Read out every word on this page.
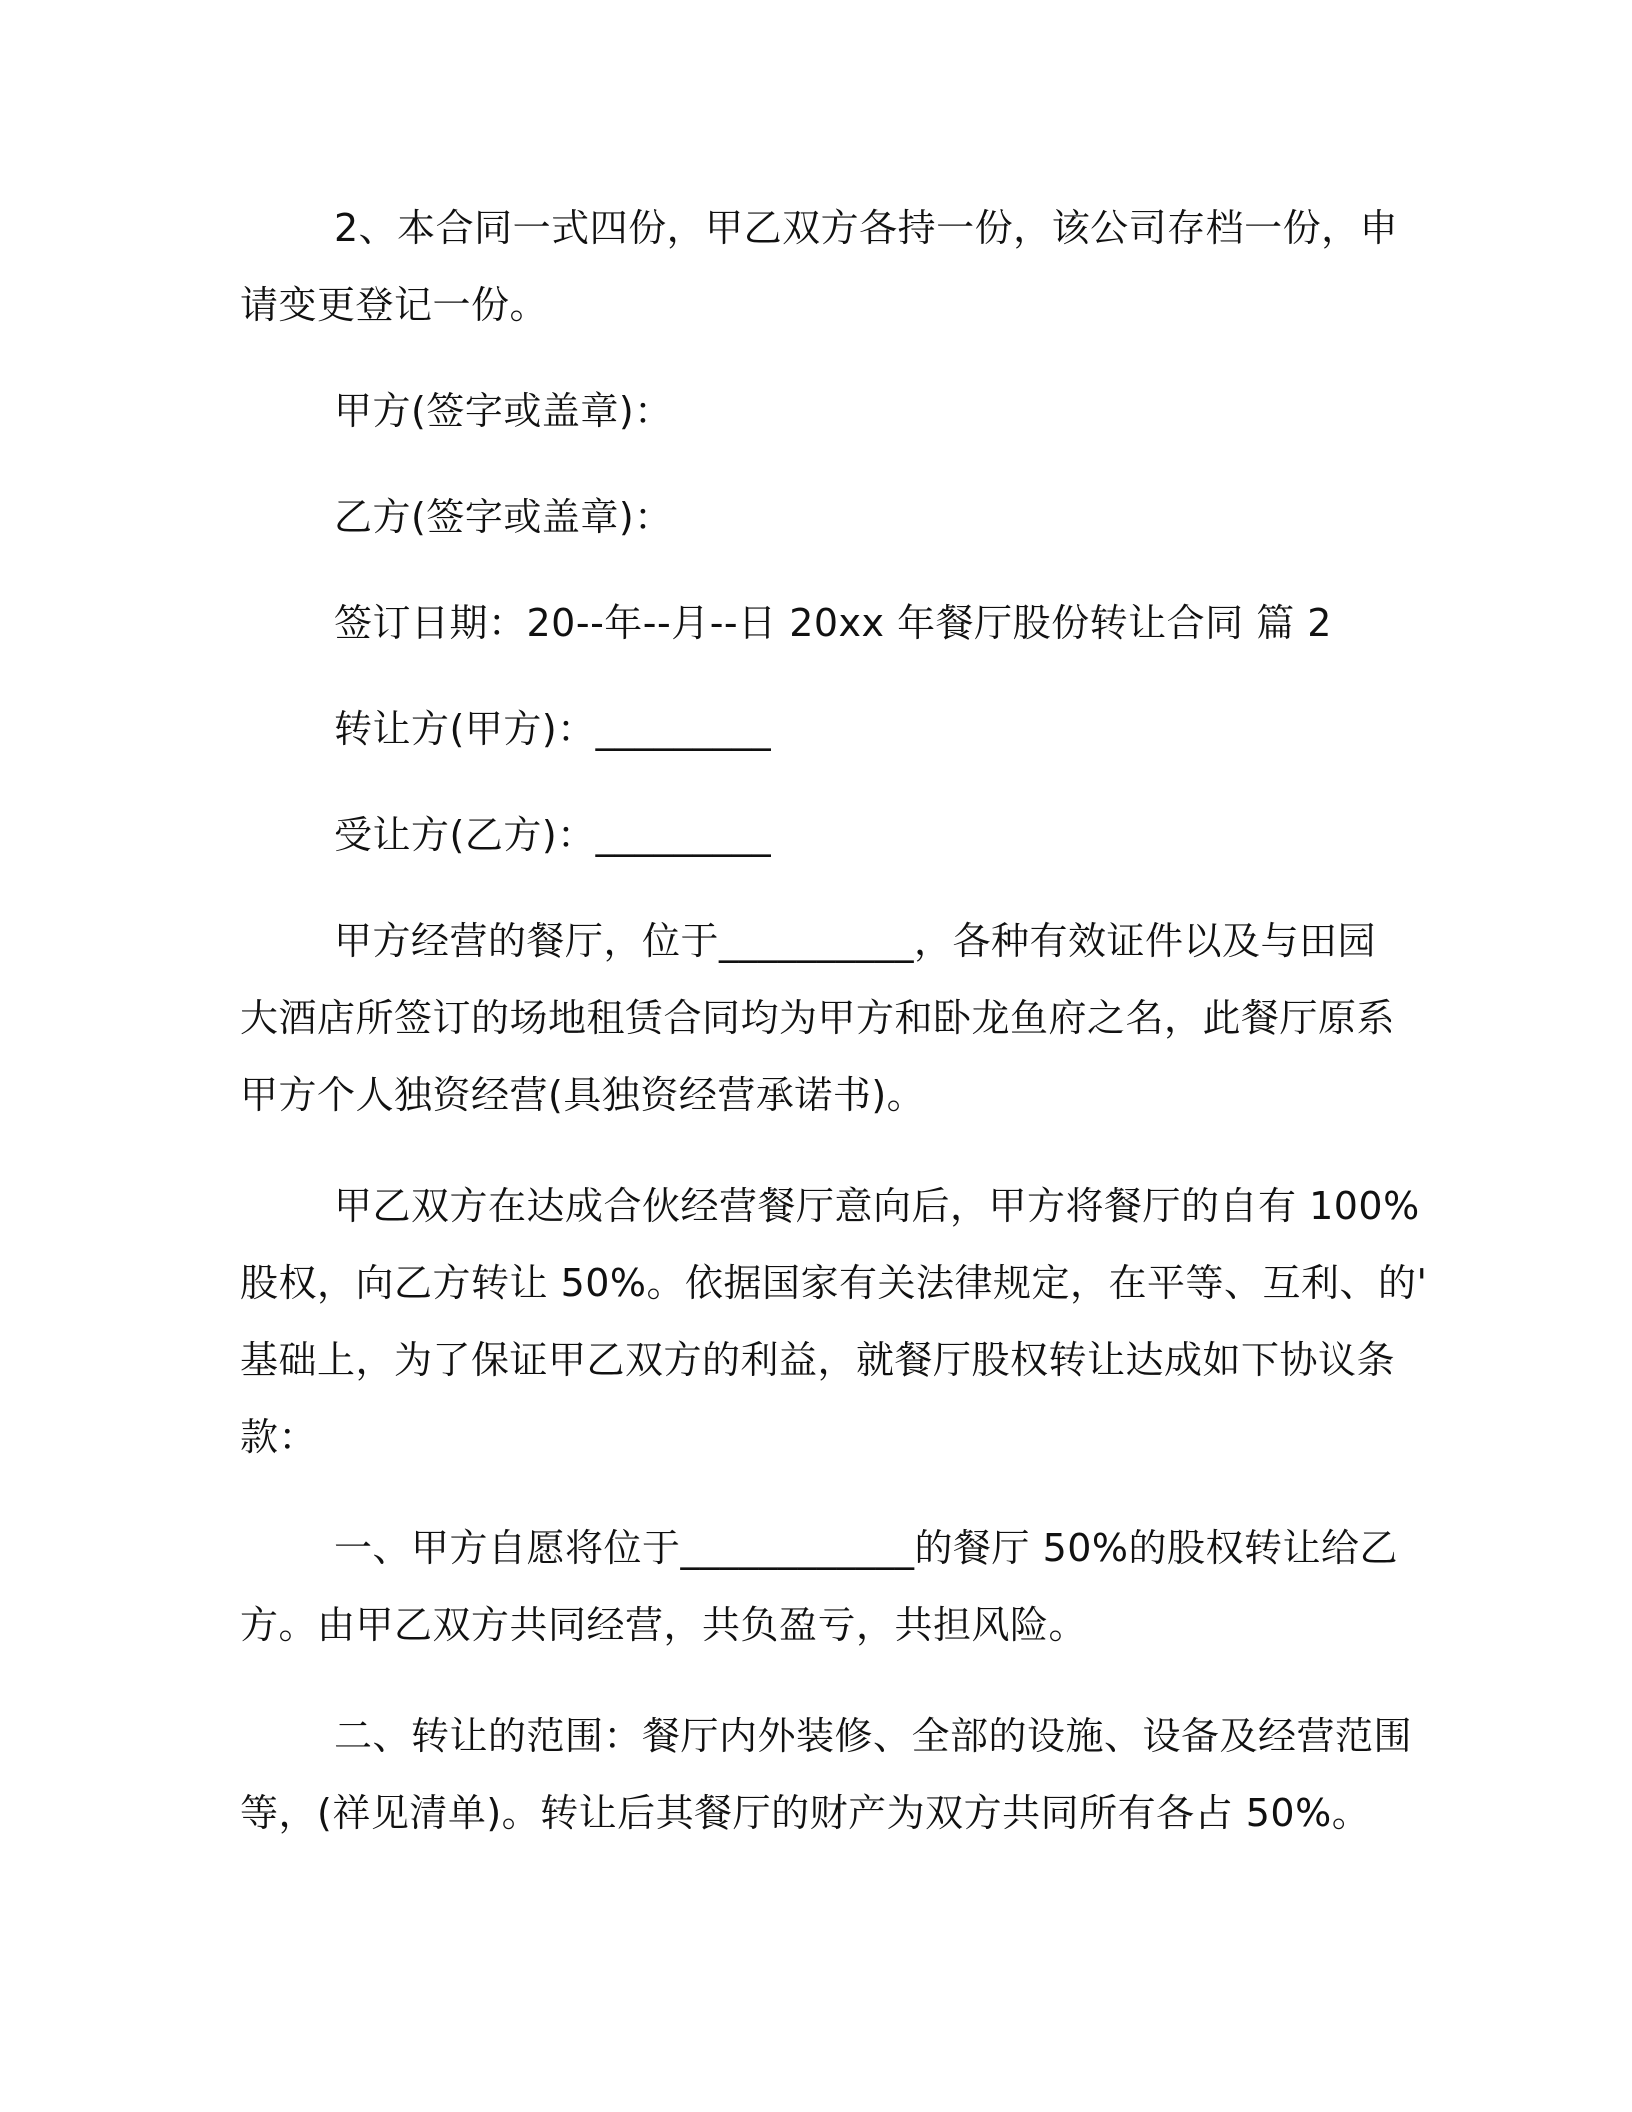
2、本合同一式四份，甲乙双方各持一份，该公司存档一份，申
请变更登记一份。
甲方(签字或盖章)：
乙方(签字或盖章)：
签订日期：20--年--月--日 20xx 年餐厅股份转让合同 篇 2
转让方(甲方)：_________
受让方(乙方)：_________
甲方经营的餐厅，位于__________，各种有效证件以及与田园
大酒店所签订的场地租赁合同均为甲方和卧龙鱼府之名，此餐厅原系
甲方个人独资经营(具独资经营承诺书)。
甲乙双方在达成合伙经营餐厅意向后，甲方将餐厅的自有 100%
股权，向乙方转让 50%。依据国家有关法律规定，在平等、互利、的'
基础上，为了保证甲乙双方的利益，就餐厅股权转让达成如下协议条
款：
一、甲方自愿将位于____________的餐厅 50%的股权转让给乙
方。由甲乙双方共同经营，共负盈亏，共担风险。
二、转让的范围：餐厅内外装修、全部的设施、设备及经营范围
等，(祥见清单)。转让后其餐厅的财产为双方共同所有各占 50%。
